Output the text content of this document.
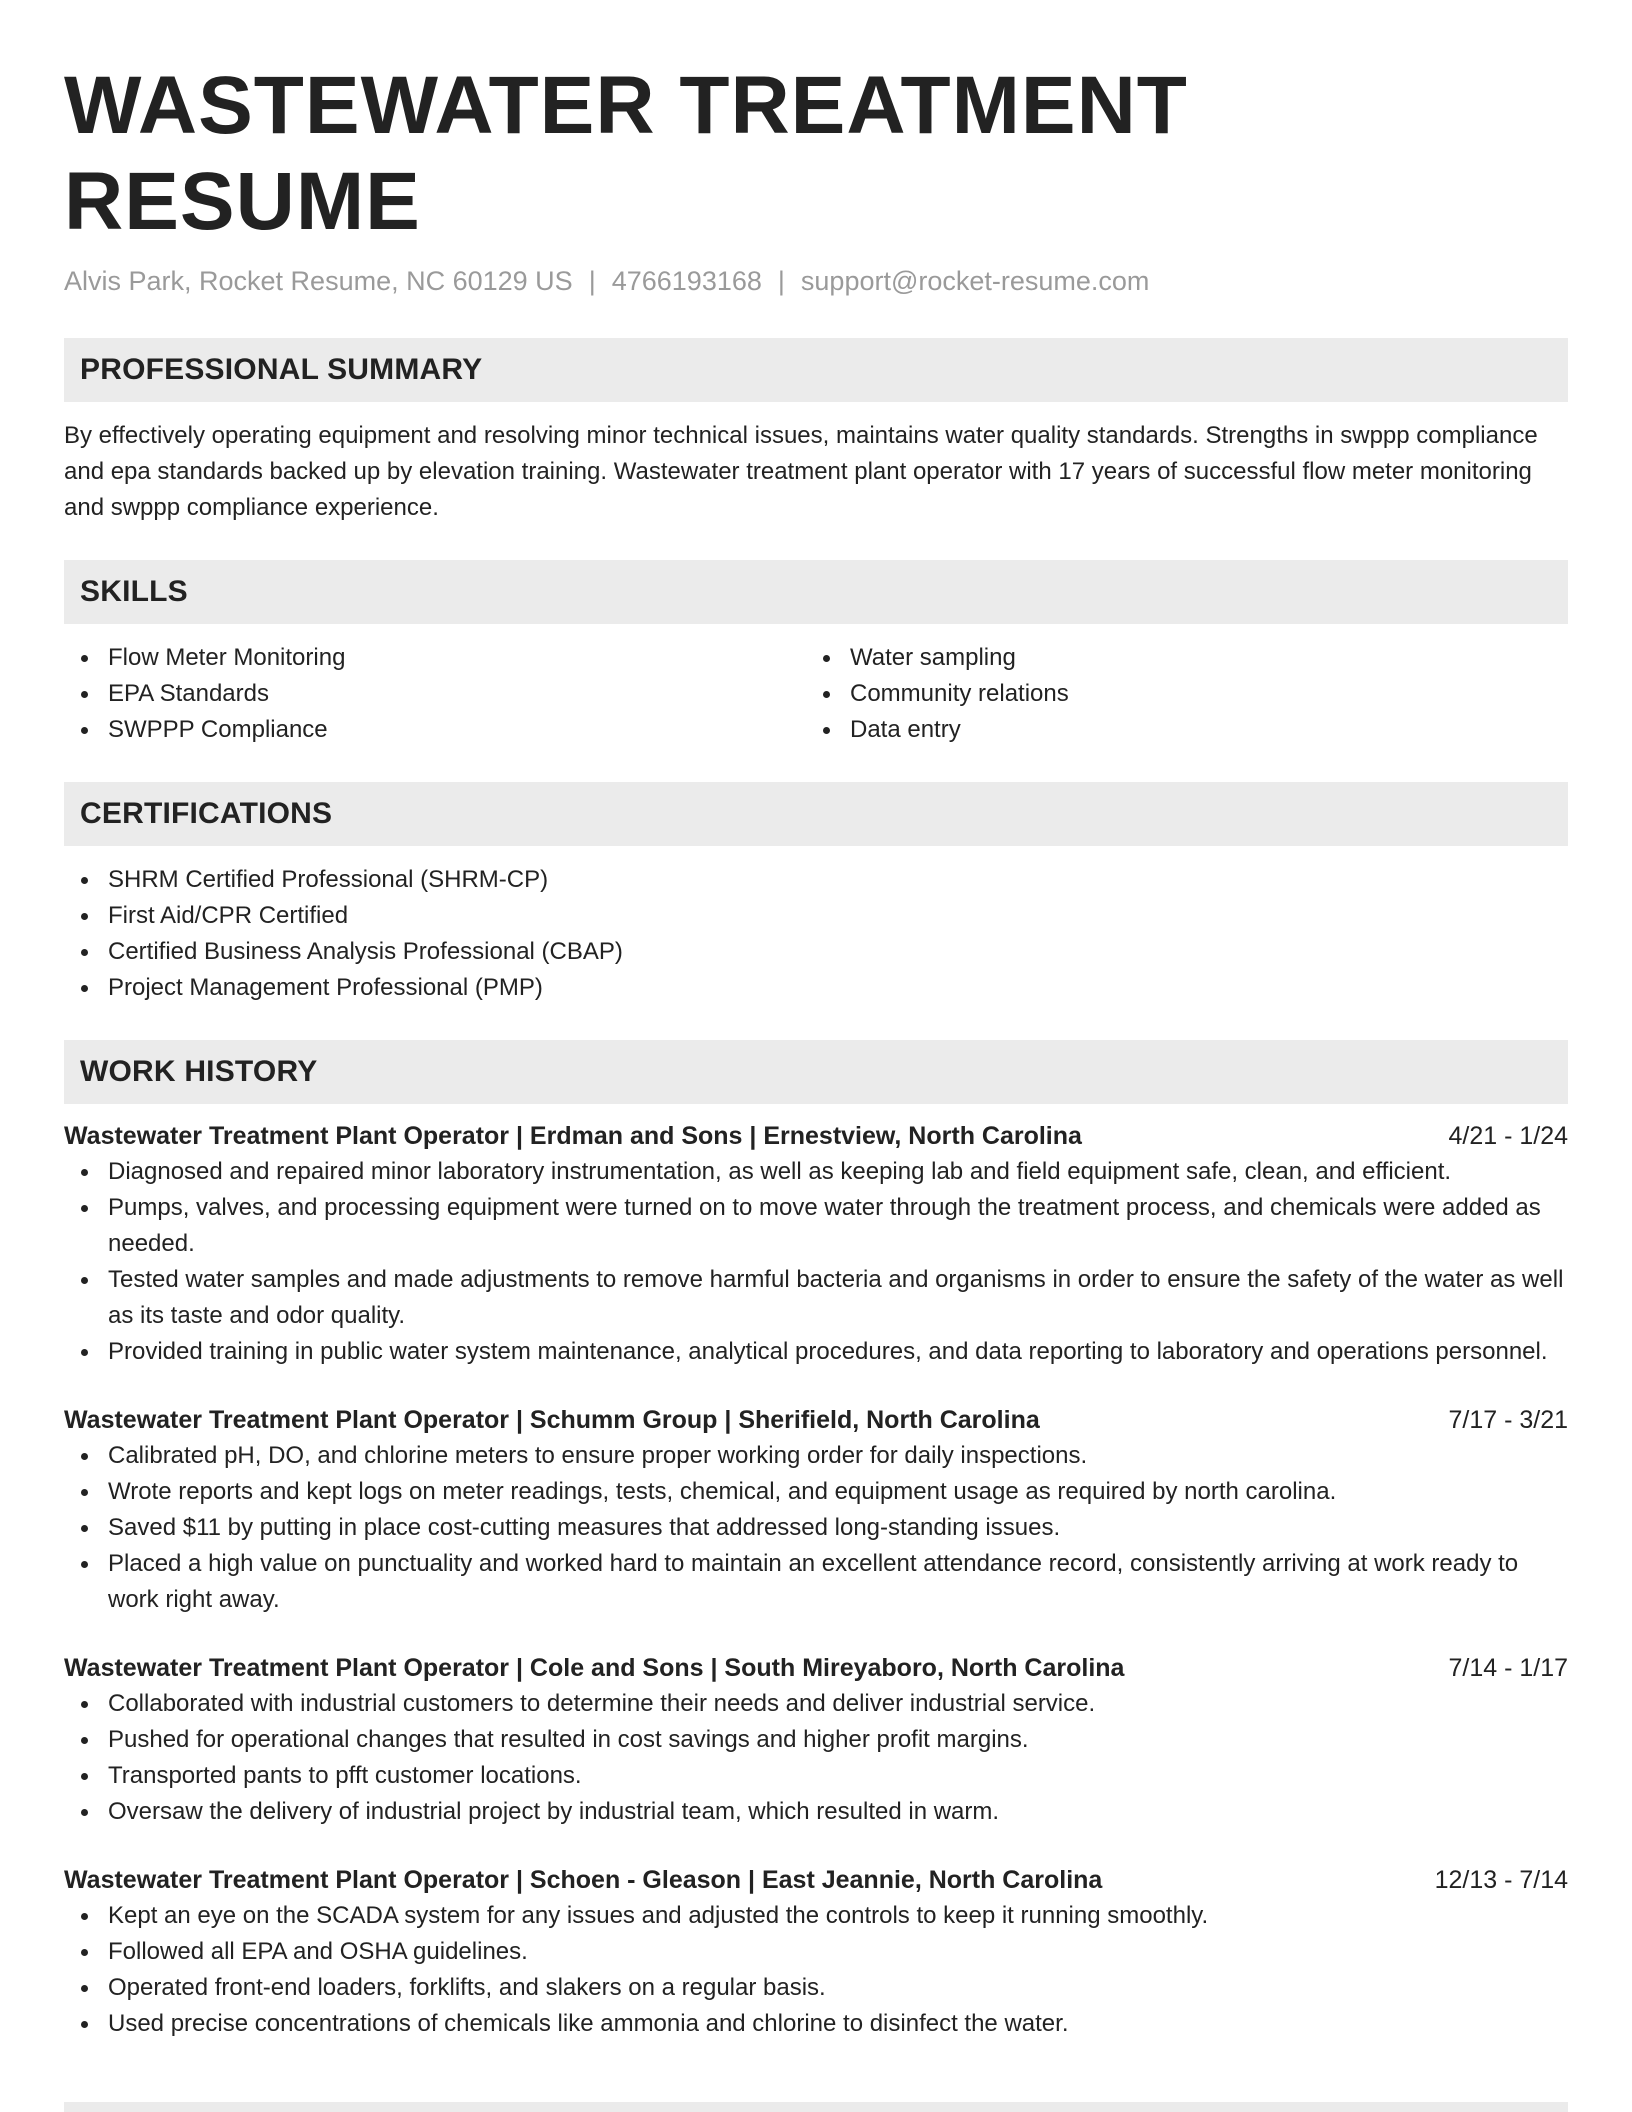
WASTEWATER TREATMENT RESUME
Alvis Park, Rocket Resume, NC 60129 US | 4766193168 | support@rocket-resume.com
PROFESSIONAL SUMMARY

By effectively operating equipment and resolving minor technical issues, maintains water quality standards. Strengths in swppp compliance and epa standards backed up by elevation training. Wastewater treatment plant operator with 17 years of successful flow meter monitoring and swppp compliance experience.

SKILLS
Flow Meter Monitoring
EPA Standards
SWPPP Compliance
Water sampling
Community relations
Data entry
CERTIFICATIONS
SHRM Certified Professional (SHRM-CP)
First Aid/CPR Certified
Certified Business Analysis Professional (CBAP)
Project Management Professional (PMP)
WORK HISTORY
Wastewater Treatment Plant Operator | Erdman and Sons | Ernestview, North Carolina	4/21 - 1/24
Diagnosed and repaired minor laboratory instrumentation, as well as keeping lab and field equipment safe, clean, and efficient.
Pumps, valves, and processing equipment were turned on to move water through the treatment process, and chemicals were added as needed.
Tested water samples and made adjustments to remove harmful bacteria and organisms in order to ensure the safety of the water as well as its taste and odor quality.
Provided training in public water system maintenance, analytical procedures, and data reporting to laboratory and operations personnel.
Wastewater Treatment Plant Operator | Schumm Group | Sherifield, North Carolina	7/17 - 3/21
Calibrated pH, DO, and chlorine meters to ensure proper working order for daily inspections.
Wrote reports and kept logs on meter readings, tests, chemical, and equipment usage as required by north carolina.
Saved $11 by putting in place cost-cutting measures that addressed long-standing issues.
Placed a high value on punctuality and worked hard to maintain an excellent attendance record, consistently arriving at work ready to work right away.
Wastewater Treatment Plant Operator | Cole and Sons | South Mireyaboro, North Carolina	7/14 - 1/17
Collaborated with industrial customers to determine their needs and deliver industrial service.
Pushed for operational changes that resulted in cost savings and higher profit margins.
Transported pants to pfft customer locations.
Oversaw the delivery of industrial project by industrial team, which resulted in warm.
Wastewater Treatment Plant Operator | Schoen - Gleason | East Jeannie, North Carolina	12/13 - 7/14
Kept an eye on the SCADA system for any issues and adjusted the controls to keep it running smoothly.
Followed all EPA and OSHA guidelines.
Operated front-end loaders, forklifts, and slakers on a regular basis.
Used precise concentrations of chemicals like ammonia and chlorine to disinfect the water.
